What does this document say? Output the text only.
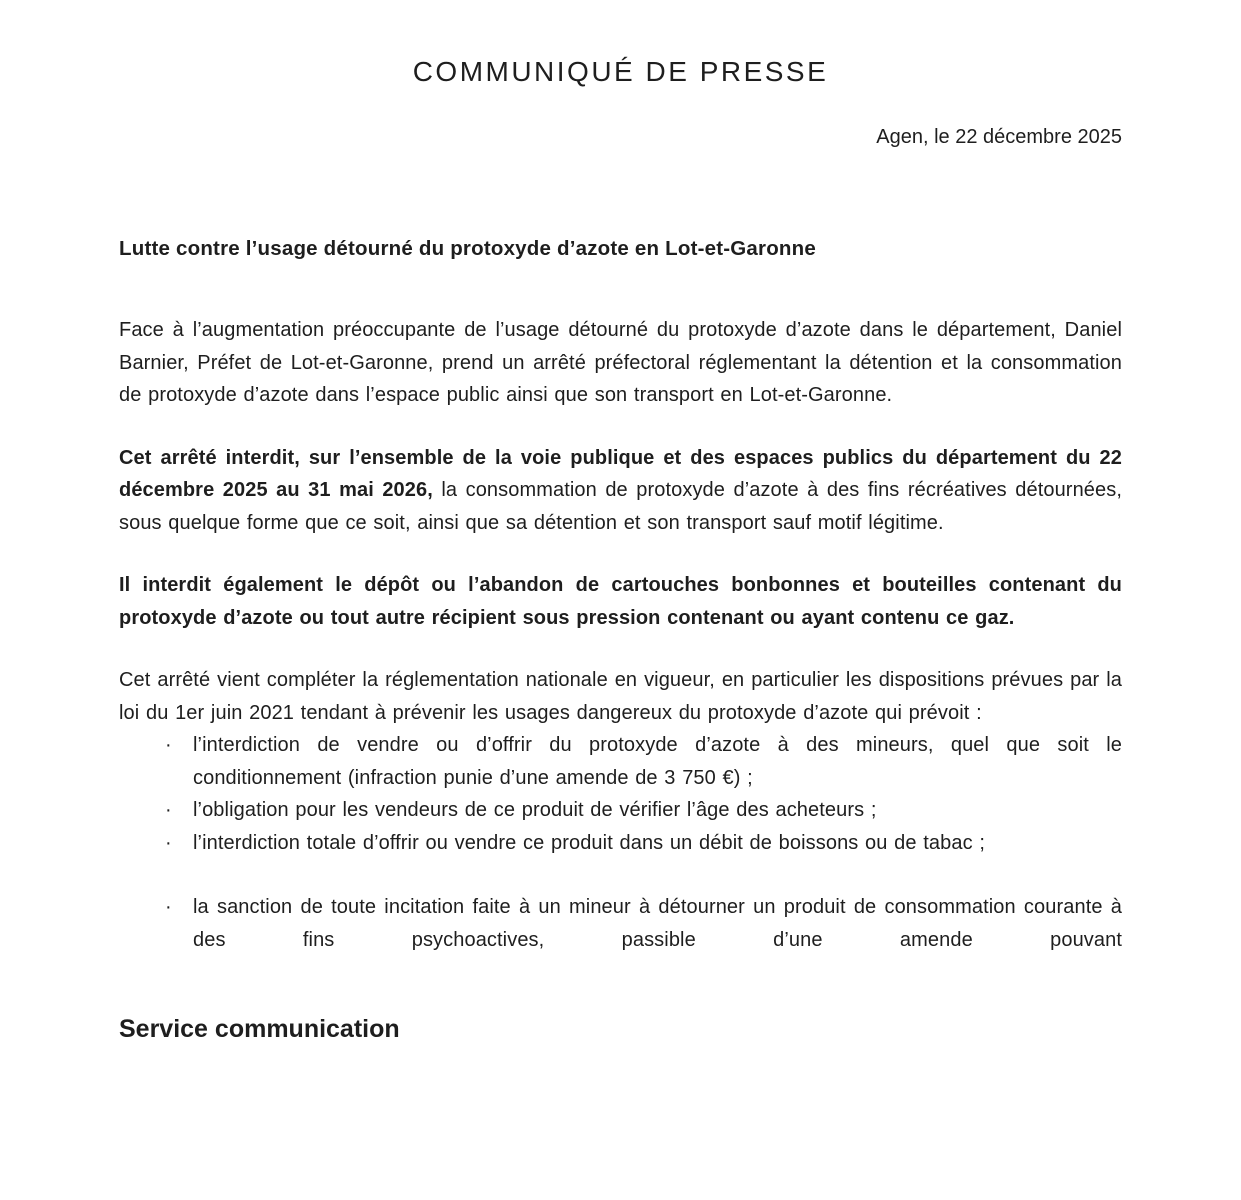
COMMUNIQUÉ DE PRESSE

Agen, le 22 décembre 2025

Lutte contre l’usage détourné du protoxyde d’azote en Lot-et-Garonne

Face à l’augmentation préoccupante de l’usage détourné du protoxyde d’azote dans le département, Daniel Barnier, Préfet de Lot-et-Garonne, prend un arrêté préfectoral réglementant la détention et la consommation de protoxyde d’azote dans l’espace public ainsi que son transport en Lot-et-Garonne.

Cet arrêté interdit, sur l’ensemble de la voie publique et des espaces publics du département du 22 décembre 2025 au 31 mai 2026, la consommation de protoxyde d’azote à des fins récréatives détournées, sous quelque forme que ce soit, ainsi que sa détention et son transport sauf motif légitime.

Il interdit également le dépôt ou l’abandon de cartouches bonbonnes et bouteilles contenant du protoxyde d’azote ou tout autre récipient sous pression contenant ou ayant contenu ce gaz.

Cet arrêté vient compléter la réglementation nationale en vigueur, en particulier les dispositions prévues par la loi du 1er juin 2021 tendant à prévenir les usages dangereux du protoxyde d’azote qui prévoit :

· l’interdiction de vendre ou d’offrir du protoxyde d’azote à des mineurs, quel que soit le conditionnement (infraction punie d’une amende de 3 750 €) ;
· l’obligation pour les vendeurs de ce produit de vérifier l’âge des acheteurs ;
· l’interdiction totale d’offrir ou vendre ce produit dans un débit de boissons ou de tabac ;
· la sanction de toute incitation faite à un mineur à détourner un produit de consommation courante à des fins psychoactives, passible d’une amende pouvant
Service communication
